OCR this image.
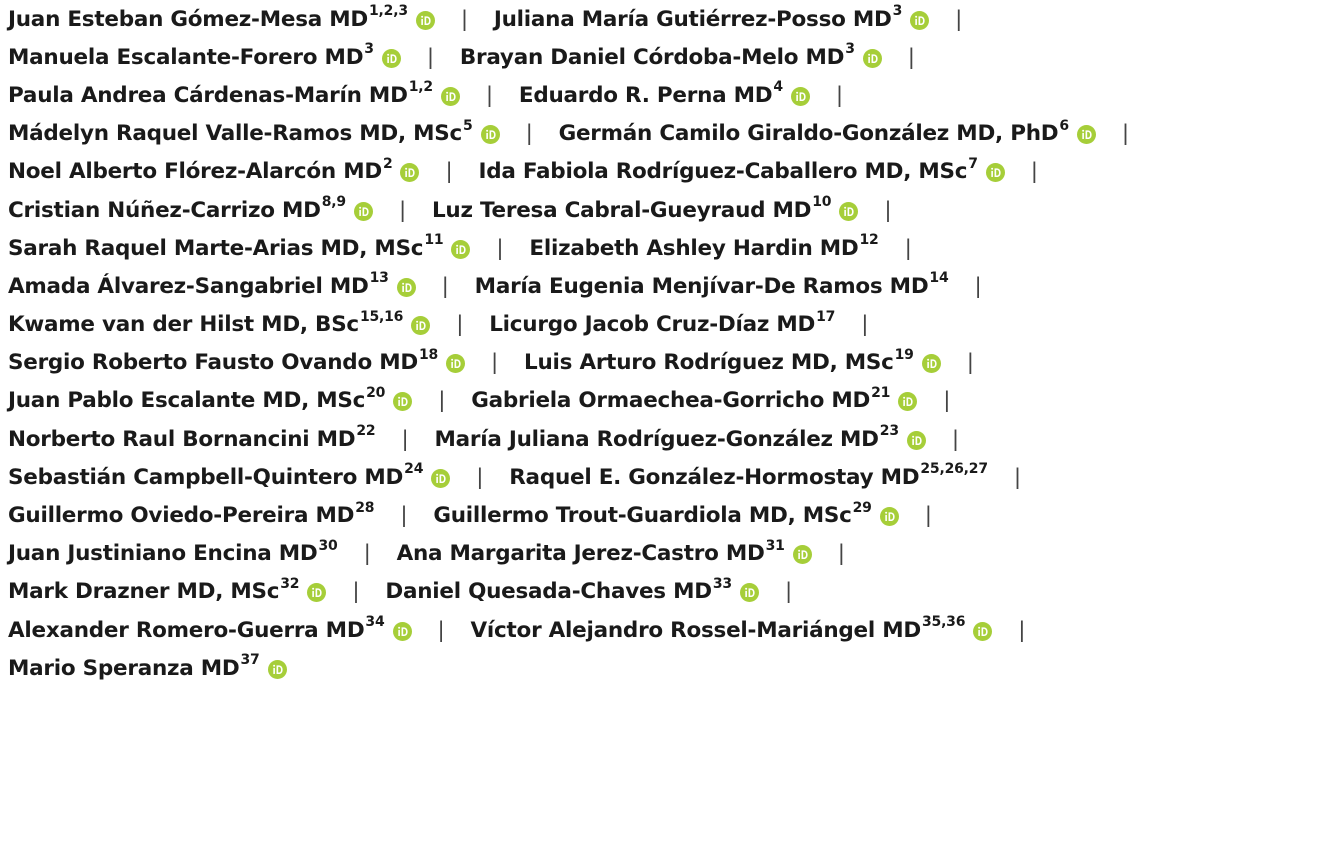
Juan Esteban Gómez-Mesa MD$^{1,2,3}$ | Juliana María Gutiérrez-Posso MD$^3$ |
Manuela Escalante-Forero MD$^3$ | Brayan Daniel Córdoba-Melo MD$^3$ |
Paula Andrea Cárdenas-Marín MD$^{1,2}$ | Eduardo R. Perna MD$^4$ |
Mádelyn Raquel Valle-Ramos MD, MSc$^5$ | Germán Camilo Giraldo-González MD, PhD$^6$ |
Noel Alberto Flórez-Alarcón MD$^2$ | Ida Fabiola Rodríguez-Caballero MD, MSc$^7$ |
Cristian Núñez-Carrizo MD$^{8,9}$ | Luz Teresa Cabral-Gueyraud MD$^{10}$ |
Sarah Raquel Marte-Arias MD, MSc$^{11}$ | Elizabeth Ashley Hardin MD$^{12}$ |
Amada Álvarez-Sangabriel MD$^{13}$ | María Eugenia Menjívar-De Ramos MD$^{14}$ |
Kwame van der Hilst MD, BSc$^{15,16}$ | Licurgo Jacob Cruz-Díaz MD$^{17}$ |
Sergio Roberto Fausto Ovando MD$^{18}$ | Luis Arturo Rodríguez MD, MSc$^{19}$ |
Juan Pablo Escalante MD, MSc$^{20}$ | Gabriela Ormaechea-Gorricho MD$^{21}$ |
Norberto Raul Bornancini MD$^{22}$ | María Juliana Rodríguez-González MD$^{23}$ |
Sebastián Campbell-Quintero MD$^{24}$ | Raquel E. González-Hormostay MD$^{25,26,27}$ |
Guillermo Oviedo-Pereira MD$^{28}$ | Guillermo Trout-Guardiola MD, MSc$^{29}$ |
Juan Justiniano Encina MD$^{30}$ | Ana Margarita Jerez-Castro MD$^{31}$ |
Mark Drazner MD, MSc$^{32}$ | Daniel Quesada-Chaves MD$^{33}$ |
Alexander Romero-Guerra MD$^{34}$ | Víctor Alejandro Rossel-Mariángel MD$^{35,36}$ |
Mario Speranza MD$^{37}$
